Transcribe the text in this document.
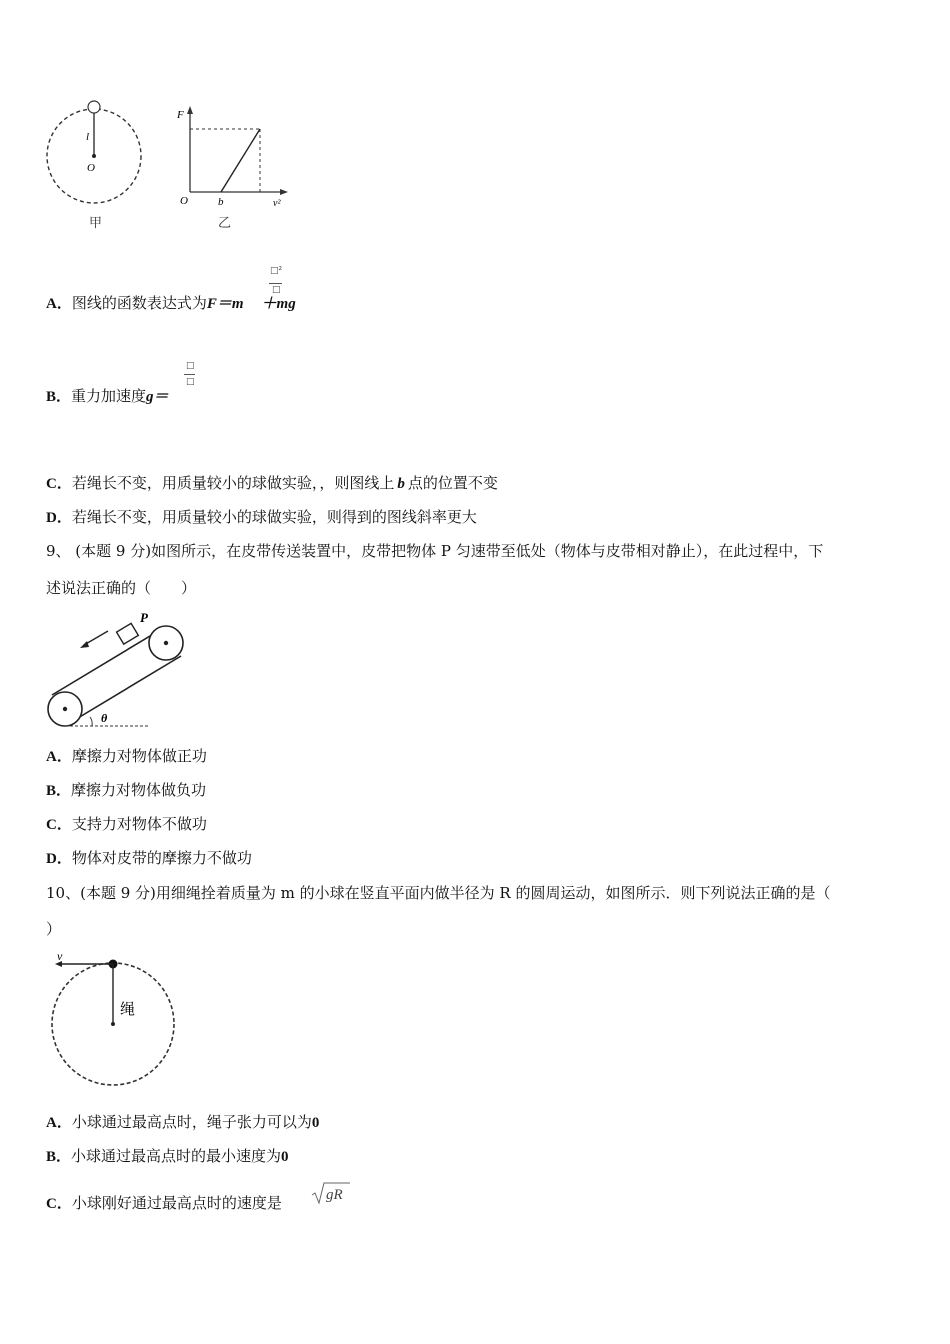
l
O
甲
F
O	b	v²
乙
A．图线的函数表达式为F＝m ＋mg
□²
□
B．重力加速度g＝
□
□
C．若绳长不变，用质量较小的球做实验，，则图线上 b 点的位置不变
D．若绳长不变，用质量较小的球做实验，则得到的图线斜率更大
9、 (本题 9 分)如图所示，在皮带传送装置中，皮带把物体 P 匀速带至低处（物体与皮带相对静止），在此过程中，下
述说法正确的（　　）
P
θ
A．摩擦力对物体做正功
B．摩擦力对物体做负功
C．支持力对物体不做功
D．物体对皮带的摩擦力不做功
10、(本题 9 分)用细绳拴着质量为 m 的小球在竖直平面内做半径为 R 的圆周运动，如图所示．则下列说法正确的是（
）
v
绳
A．小球通过最高点时，绳子张力可以为0
B．小球通过最高点时的最小速度为0
C．小球刚好通过最高点时的速度是	gR
